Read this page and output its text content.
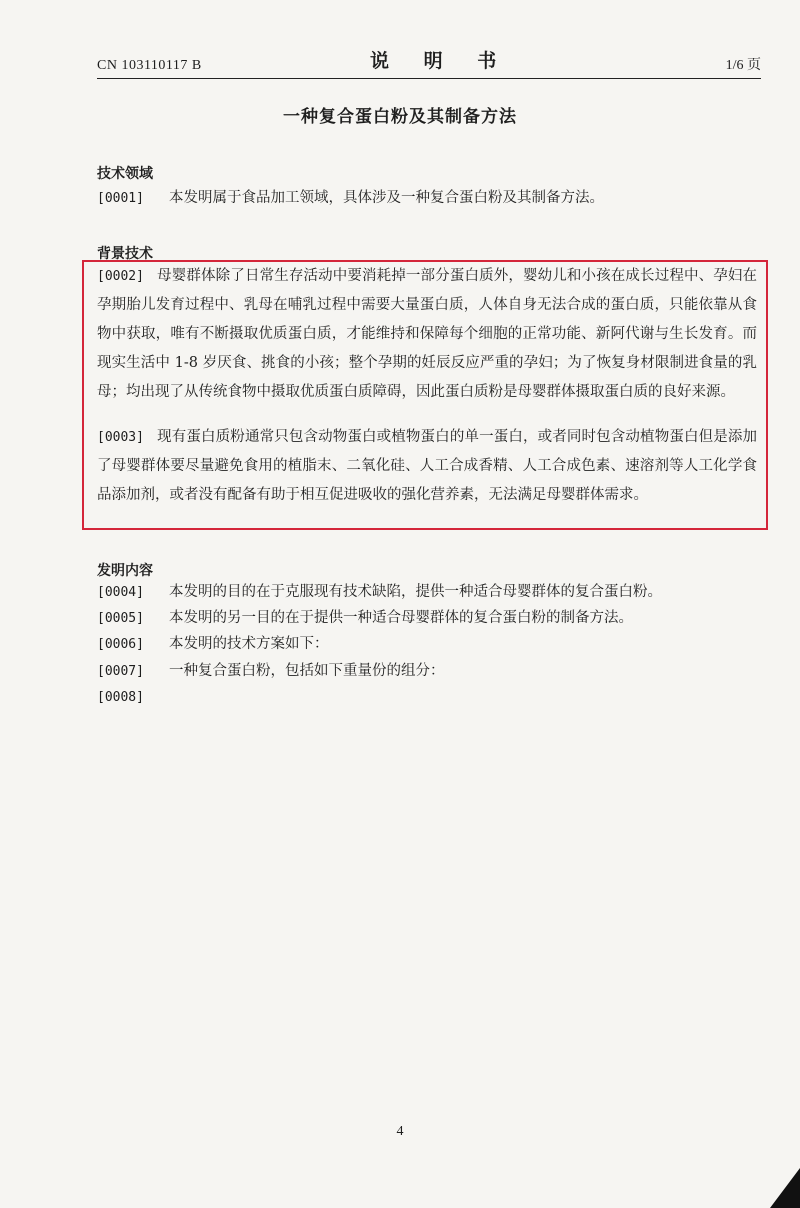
CN 103110117 B	说 明 书	1/6 页
一种复合蛋白粉及其制备方法
技术领域
[0001] 本发明属于食品加工领域，具体涉及一种复合蛋白粉及其制备方法。
背景技术
[0002] 母婴群体除了日常生存活动中要消耗掉一部分蛋白质外，婴幼儿和小孩在成长过程中、孕妇在孕期胎儿发育过程中、乳母在哺乳过程中需要大量蛋白质，人体自身无法合成的蛋白质，只能依靠从食物中获取，唯有不断摄取优质蛋白质，才能维持和保障每个细胞的正常功能、新阿代谢与生长发育。而现实生活中 1-8 岁厌食、挑食的小孩；整个孕期的妊辰反应严重的孕妇；为了恢复身材限制进食量的乳母；均出现了从传统食物中摄取优质蛋白质障碍，因此蛋白质粉是母婴群体摄取蛋白质的良好来源。
[0003] 现有蛋白质粉通常只包含动物蛋白或植物蛋白的单一蛋白，或者同时包含动植物蛋白但是添加了母婴群体要尽量避免食用的植脂末、二氧化硅、人工合成香精、人工合成色素、速溶剂等人工化学食品添加剂，或者没有配备有助于相互促进吸收的强化营养素，无法满足母婴群体需求。
发明内容
[0004] 本发明的目的在于克服现有技术缺陷，提供一种适合母婴群体的复合蛋白粉。
[0005] 本发明的另一目的在于提供一种适合母婴群体的复合蛋白粉的制备方法。
[0006] 本发明的技术方案如下：
[0007] 一种复合蛋白粉，包括如下重量份的组分：
[0008]
4
